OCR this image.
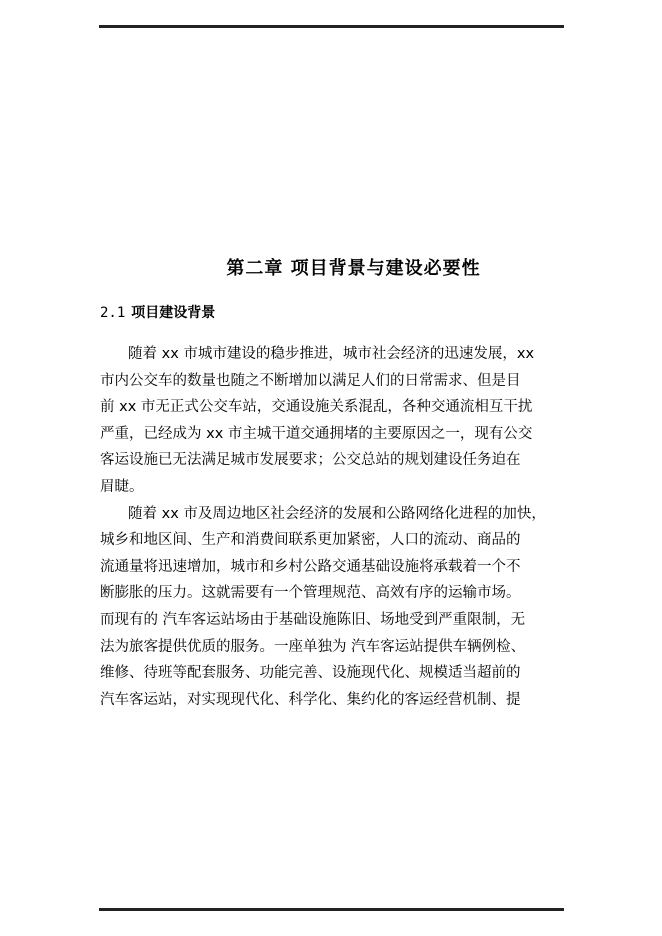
第二章 项目背景与建设必要性
2.1 项目建设背景
随着 xx 市城市建设的稳步推进，城市社会经济的迅速发展，xx
市内公交车的数量也随之不断增加以满足人们的日常需求、但是目
前 xx 市无正式公交车站，交通设施关系混乱，各种交通流相互干扰
严重，已经成为 xx 市主城干道交通拥堵的主要原因之一，现有公交
客运设施已无法满足城市发展要求；公交总站的规划建设任务迫在
眉睫。
随着 xx 市及周边地区社会经济的发展和公路网络化进程的加快，
城乡和地区间、生产和消费间联系更加紧密，人口的流动、商品的
流通量将迅速增加，城市和乡村公路交通基础设施将承载着一个不
断膨胀的压力。这就需要有一个管理规范、高效有序的运输市场。
而现有的 汽车客运站场由于基础设施陈旧、场地受到严重限制，无
法为旅客提供优质的服务。一座单独为 汽车客运站提供车辆例检、
维修、待班等配套服务、功能完善、设施现代化、规模适当超前的
汽车客运站，对实现现代化、科学化、集约化的客运经营机制、提
